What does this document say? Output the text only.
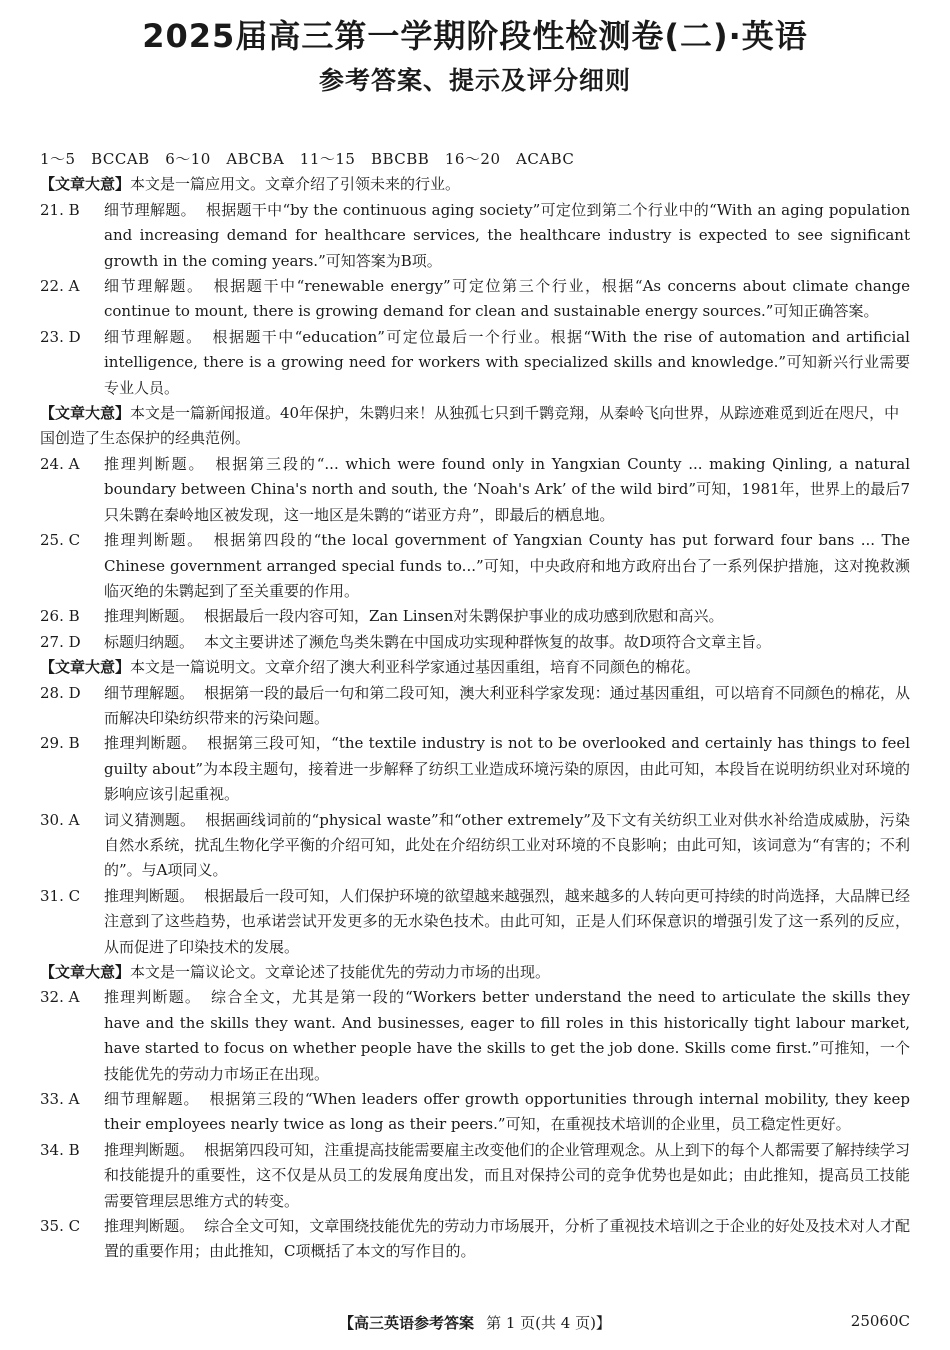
2025届高三第一学期阶段性检测卷(二)·英语
参考答案、提示及评分细则

1～5　BCCAB　6～10　ABCBA　11～15　BBCBB　16～20　ACABC

【文章大意】本文是一篇应用文。文章介绍了引领未来的行业。

21. B	细节理解题。 根据题干中“by the continuous aging society”可定位到第二个行业中的“With an aging population and increasing demand for healthcare services, the healthcare industry is expected to see significant growth in the coming years.”可知答案为B项。
22. A	细节理解题。 根据题干中“renewable energy”可定位第三个行业，根据“As concerns about climate change continue to mount, there is growing demand for clean and sustainable energy sources.”可知正确答案。
23. D	细节理解题。 根据题干中“education”可定位最后一个行业。根据“With the rise of automation and artificial intelligence, there is a growing need for workers with specialized skills and knowledge.”可知新兴行业需要专业人员。

【文章大意】本文是一篇新闻报道。40年保护，朱鹮归来！从独孤七只到千鹮竞翔，从秦岭飞向世界，从踪迹难觅到近在咫尺，中国创造了生态保护的经典范例。

24. A	推理判断题。 根据第三段的“... which were found only in Yangxian County ... making Qinling, a natural boundary between China's north and south, the ‘Noah's Ark’ of the wild bird”可知，1981年，世界上的最后7只朱鹮在秦岭地区被发现，这一地区是朱鹮的“诺亚方舟”，即最后的栖息地。
25. C	推理判断题。 根据第四段的“the local government of Yangxian County has put forward four bans ... The Chinese government arranged special funds to...”可知，中央政府和地方政府出台了一系列保护措施，这对挽救濒临灭绝的朱鹮起到了至关重要的作用。
26. B	推理判断题。 根据最后一段内容可知，Zan Linsen对朱鹮保护事业的成功感到欣慰和高兴。
27. D	标题归纳题。 本文主要讲述了濒危鸟类朱鹮在中国成功实现种群恢复的故事。故D项符合文章主旨。

【文章大意】本文是一篇说明文。文章介绍了澳大利亚科学家通过基因重组，培育不同颜色的棉花。

28. D	细节理解题。 根据第一段的最后一句和第二段可知，澳大利亚科学家发现：通过基因重组，可以培育不同颜色的棉花，从而解决印染纺织带来的污染问题。
29. B	推理判断题。 根据第三段可知，“the textile industry is not to be overlooked and certainly has things to feel guilty about”为本段主题句，接着进一步解释了纺织工业造成环境污染的原因，由此可知，本段旨在说明纺织业对环境的影响应该引起重视。
30. A	词义猜测题。 根据画线词前的“physical waste”和“other extremely”及下文有关纺织工业对供水补给造成威胁，污染自然水系统，扰乱生物化学平衡的介绍可知，此处在介绍纺织工业对环境的不良影响；由此可知，该词意为“有害的；不利的”。与A项同义。
31. C	推理判断题。 根据最后一段可知，人们保护环境的欲望越来越强烈，越来越多的人转向更可持续的时尚选择，大品牌已经注意到了这些趋势，也承诺尝试开发更多的无水染色技术。由此可知，正是人们环保意识的增强引发了这一系列的反应，从而促进了印染技术的发展。

【文章大意】本文是一篇议论文。文章论述了技能优先的劳动力市场的出现。

32. A	推理判断题。 综合全文，尤其是第一段的“Workers better understand the need to articulate the skills they have and the skills they want. And businesses, eager to fill roles in this historically tight labour market, have started to focus on whether people have the skills to get the job done. Skills come first.”可推知，一个技能优先的劳动力市场正在出现。
33. A	细节理解题。 根据第三段的“When leaders offer growth opportunities through internal mobility, they keep their employees nearly twice as long as their peers.”可知，在重视技术培训的企业里，员工稳定性更好。
34. B	推理判断题。 根据第四段可知，注重提高技能需要雇主改变他们的企业管理观念。从上到下的每个人都需要了解持续学习和技能提升的重要性，这不仅是从员工的发展角度出发，而且对保持公司的竞争优势也是如此；由此推知，提高员工技能需要管理层思维方式的转变。
35. C	推理判断题。 综合全文可知，文章围绕技能优先的劳动力市场展开，分析了重视技术培训之于企业的好处及技术对人才配置的重要作用；由此推知，C项概括了本文的写作目的。
【高三英语参考答案 第 1 页(共 4 页)】	25060C
